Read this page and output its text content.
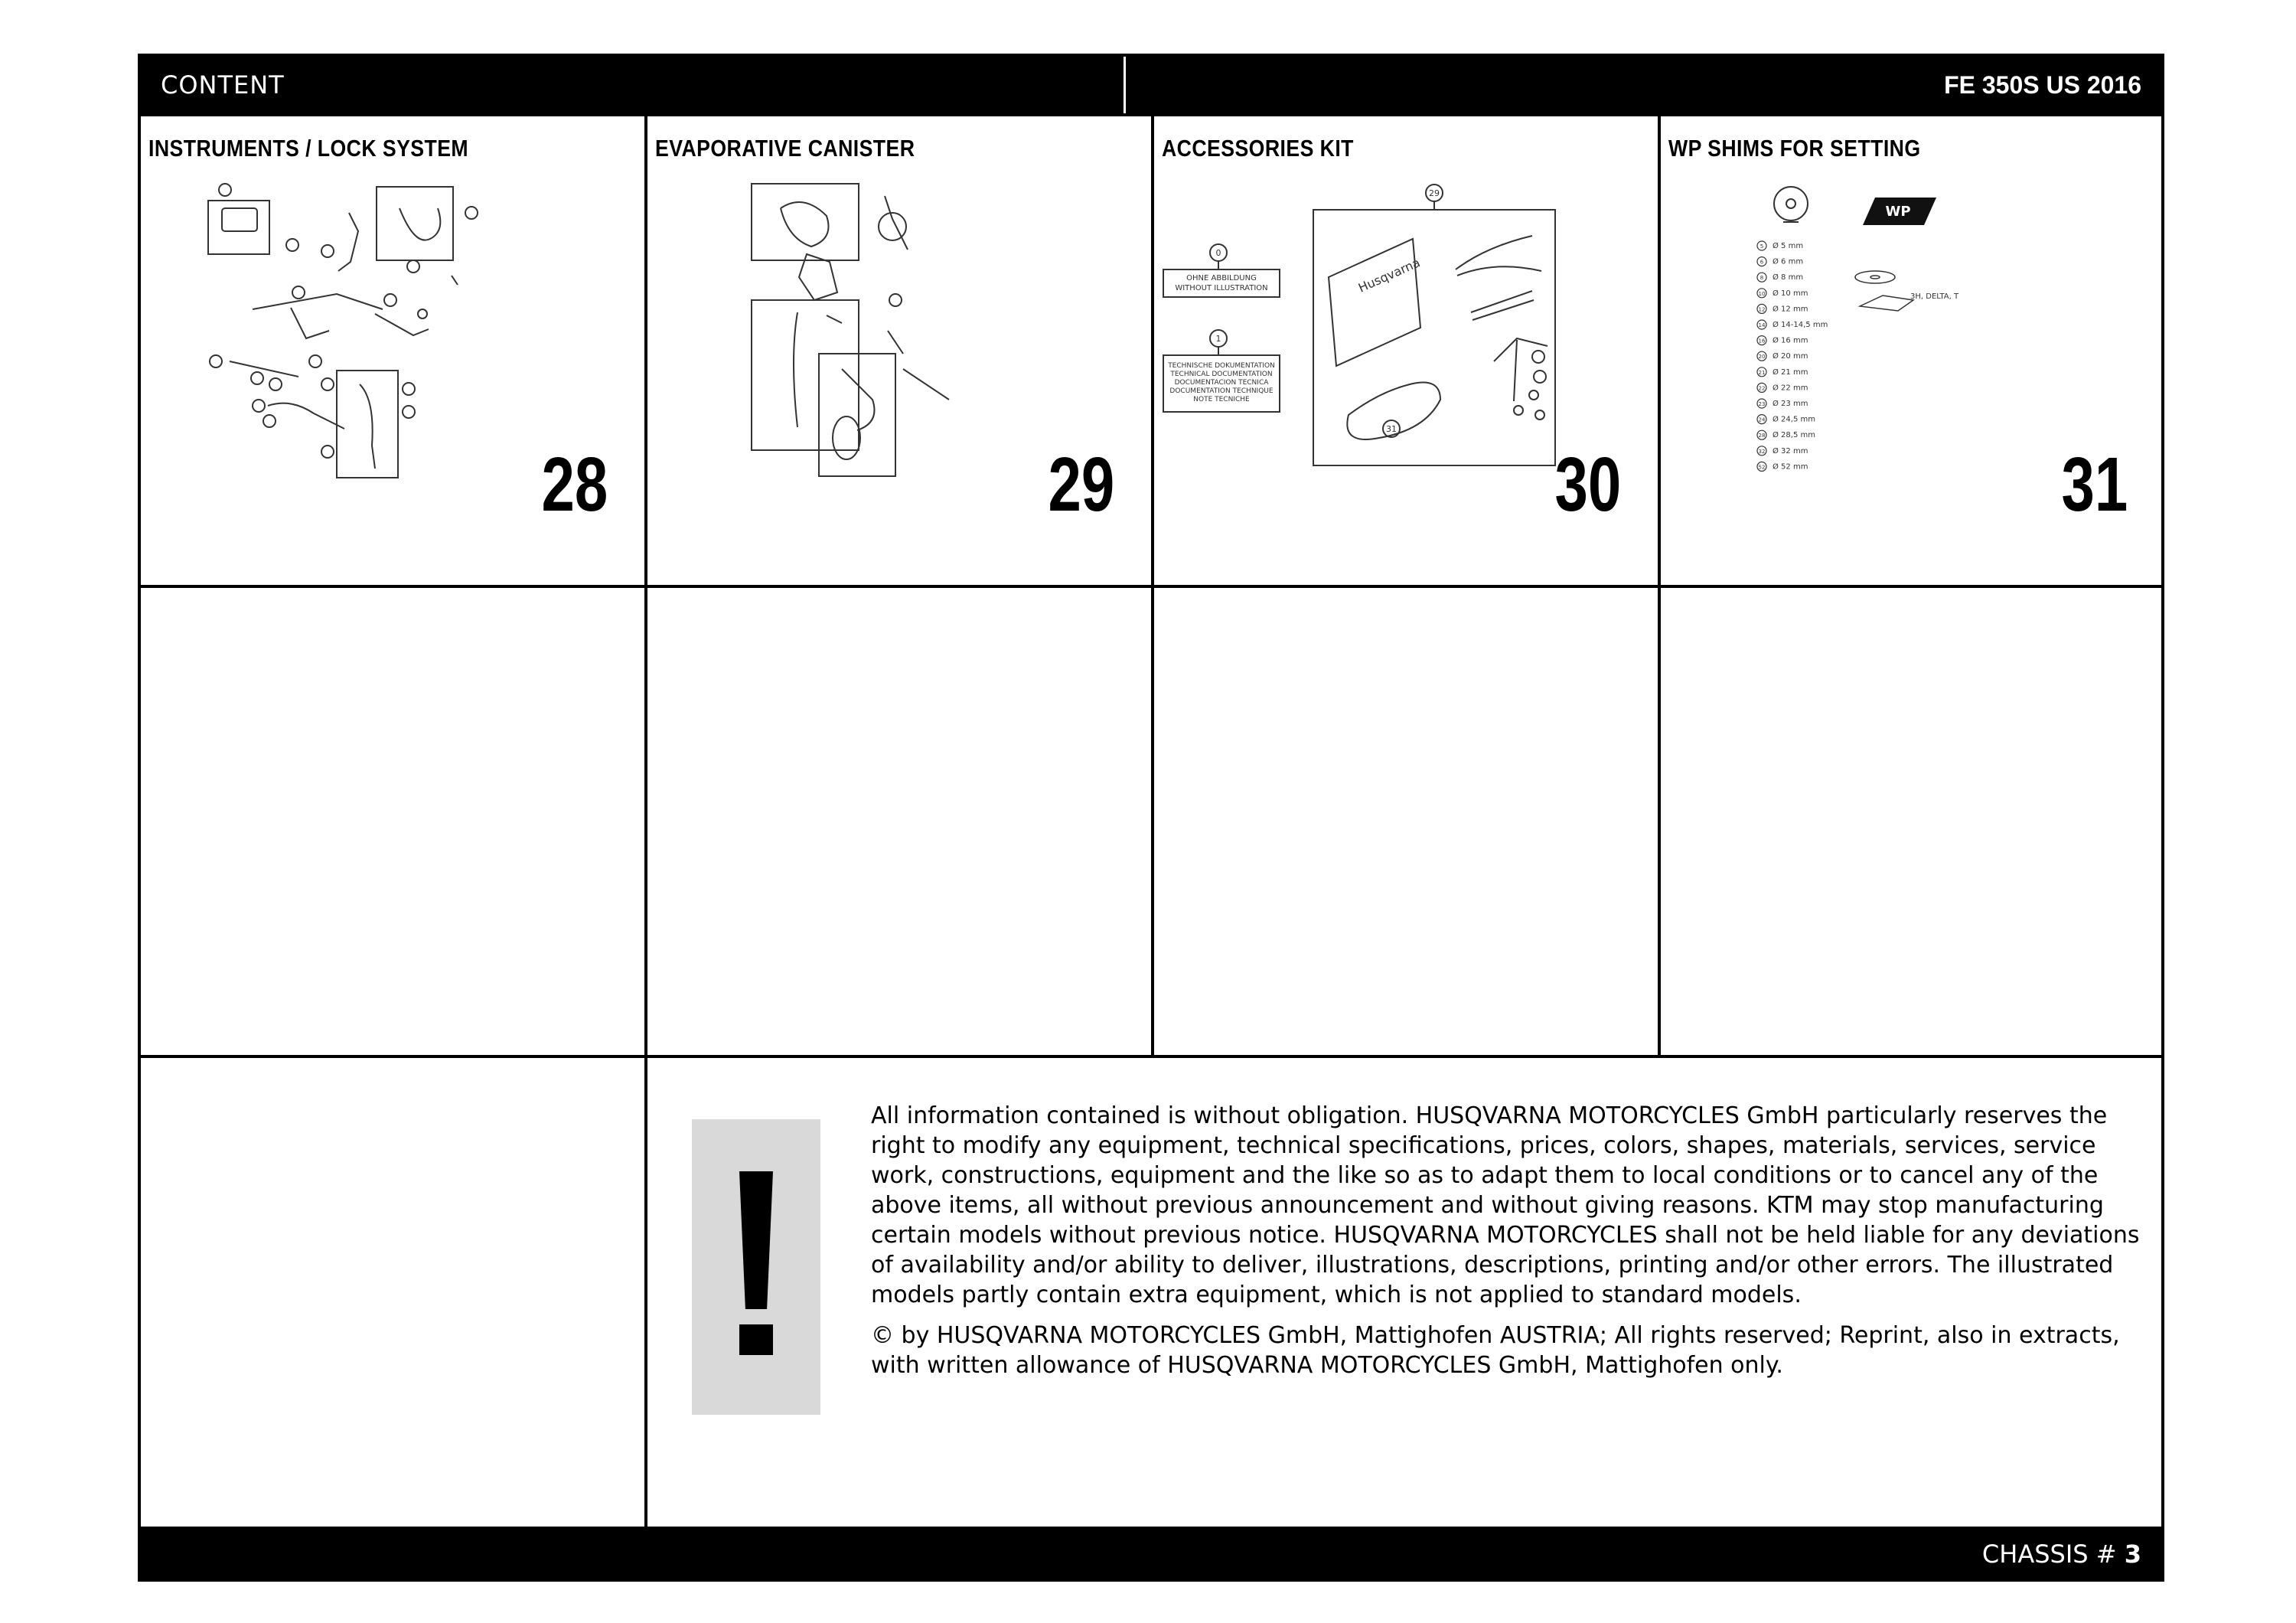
CONTENT	FE 350S US 2016
INSTRUMENTS / LOCK SYSTEM
28
EVAPORATIVE CANISTER
29
ACCESSORIES KIT
OHNE ABBILDUNG
WITHOUT ILLUSTRATION
TECHNISCHE DOKUMENTATION
TECHNICAL DOCUMENTATION
DOCUMENTACION TECNICA
DOCUMENTATION TECHNIQUE
NOTE TECNICHE
29
0
1
31
Husqvarna
30
WP SHIMS FOR SETTING
WP
3H, DELTA, T
5 Ø 5 mm
6 Ø 6 mm
8 Ø 8 mm
10 Ø 10 mm
12 Ø 12 mm
14 Ø 14-14,5 mm
16 Ø 16 mm
20 Ø 20 mm
21 Ø 21 mm
22 Ø 22 mm
23 Ø 23 mm
24 Ø 24,5 mm
28 Ø 28,5 mm
32 Ø 32 mm
52 Ø 52 mm	31

All information contained is without obligation. HUSQVARNA MOTORCYCLES GmbH particularly reserves the right to modify any equipment, technical specifications, prices, colors, shapes, materials, services, service work, constructions, equipment and the like so as to adapt them to local conditions or to cancel any of the above items, all without previous announcement and without giving reasons. KTM may stop manufacturing certain models without previous notice. HUSQVARNA MOTORCYCLES shall not be held liable for any deviations of availability and/or ability to deliver, illustrations, descriptions, printing and/or other errors. The illustrated models partly contain extra equipment, which is not applied to standard models.

© by HUSQVARNA MOTORCYCLES GmbH, Mattighofen AUSTRIA; All rights reserved; Reprint, also in extracts, with written allowance of HUSQVARNA MOTORCYCLES GmbH, Mattighofen only.

CHASSIS # 3
